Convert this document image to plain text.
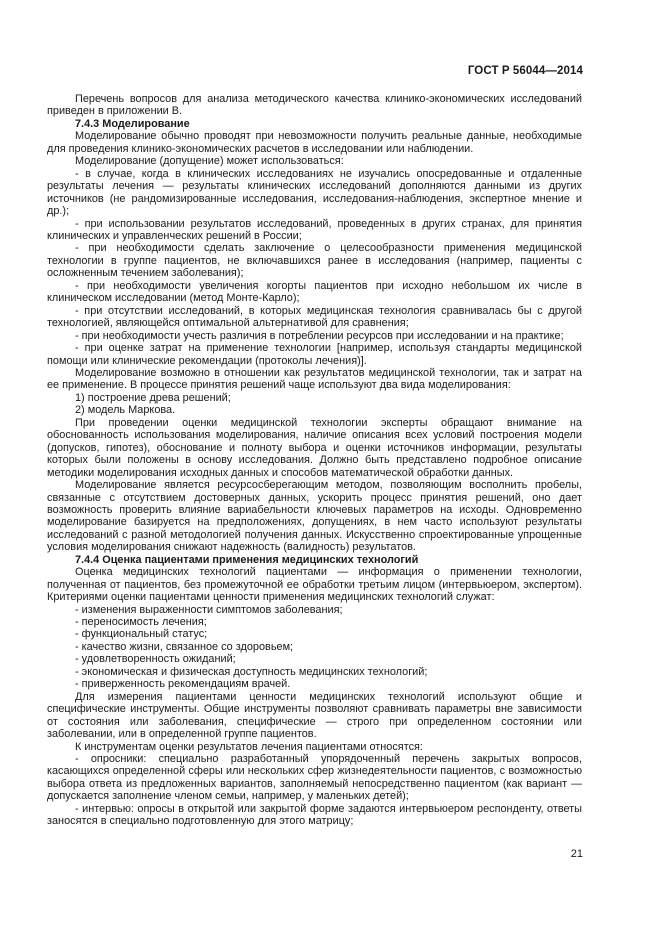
ГОСТ Р 56044—2014

Перечень вопросов для анализа методического качества клинико-экономических исследований приведен в приложении В.

7.4.3 Моделирование

Моделирование обычно проводят при невозможности получить реальные данные, необходимые для проведения клинико-экономических расчетов в исследовании или наблюдении.

Моделирование (допущение) может использоваться:

- в случае, когда в клинических исследованиях не изучались опосредованные и отдаленные результаты лечения — результаты клинических исследований дополняются данными из других источников (не рандомизированные исследования, исследования-наблюдения, экспертное мнение и др.);

- при использовании результатов исследований, проведенных в других странах, для принятия клинических и управленческих решений в России;

- при необходимости сделать заключение о целесообразности применения медицинской технологии в группе пациентов, не включавшихся ранее в исследования (например, пациенты с осложненным течением заболевания);

- при необходимости увеличения когорты пациентов при исходно небольшом их числе в клиническом исследовании (метод Монте-Карло);

- при отсутствии исследований, в которых медицинская технология сравнивалась бы с другой технологией, являющейся оптимальной альтернативой для сравнения;

- при необходимости учесть различия в потреблении ресурсов при исследовании и на практике;

- при оценке затрат на применение технологии [например, используя стандарты медицинской помощи или клинические рекомендации (протоколы лечения)].

Моделирование возможно в отношении как результатов медицинской технологии, так и затрат на ее применение. В процессе принятия решений чаще используют два вида моделирования:

1) построение древа решений;

2) модель Маркова.

При проведении оценки медицинской технологии эксперты обращают внимание на обоснованность использования моделирования, наличие описания всех условий построения модели (допусков, гипотез), обоснование и полноту выбора и оценки источников информации, результаты которых были положены в основу исследования. Должно быть представлено подробное описание методики моделирования исходных данных и способов математической обработки данных.

Моделирование является ресурсосберегающим методом, позволяющим восполнить пробелы, связанные с отсутствием достоверных данных, ускорить процесс принятия решений, оно дает возможность проверить влияние вариабельности ключевых параметров на исходы. Одновременно моделирование базируется на предположениях, допущениях, в нем часто используют результаты исследований с разной методологией получения данных. Искусственно спроектированные упрощенные условия моделирования снижают надежность (валидность) результатов.

7.4.4 Оценка пациентами применения медицинских технологий

Оценка медицинских технологий пациентами — информация о применении технологии, полученная от пациентов, без промежуточной ее обработки третьим лицом (интервьюером, экспертом). Критериями оценки пациентами ценности применения медицинских технологий служат:

- изменения выраженности симптомов заболевания;

- переносимость лечения;

- функциональный статус;

- качество жизни, связанное со здоровьем;

- удовлетворенность ожиданий;

- экономическая и физическая доступность медицинских технологий;

- приверженность рекомендациям врачей.

Для измерения пациентами ценности медицинских технологий используют общие и специфические инструменты. Общие инструменты позволяют сравнивать параметры вне зависимости от состояния или заболевания, специфические — строго при определенном состоянии или заболевании, или в определенной группе пациентов.

К инструментам оценки результатов лечения пациентами относятся:

- опросники: специально разработанный упорядоченный перечень закрытых вопросов, касающихся определенной сферы или нескольких сфер жизнедеятельности пациентов, с возможностью выбора ответа из предложенных вариантов, заполняемый непосредственно пациентом (как вариант — допускается заполнение членом семьи, например, у маленьких детей);

- интервью: опросы в открытой или закрытой форме задаются интервьюером респонденту, ответы заносятся в специально подготовленную для этого матрицу;

21
